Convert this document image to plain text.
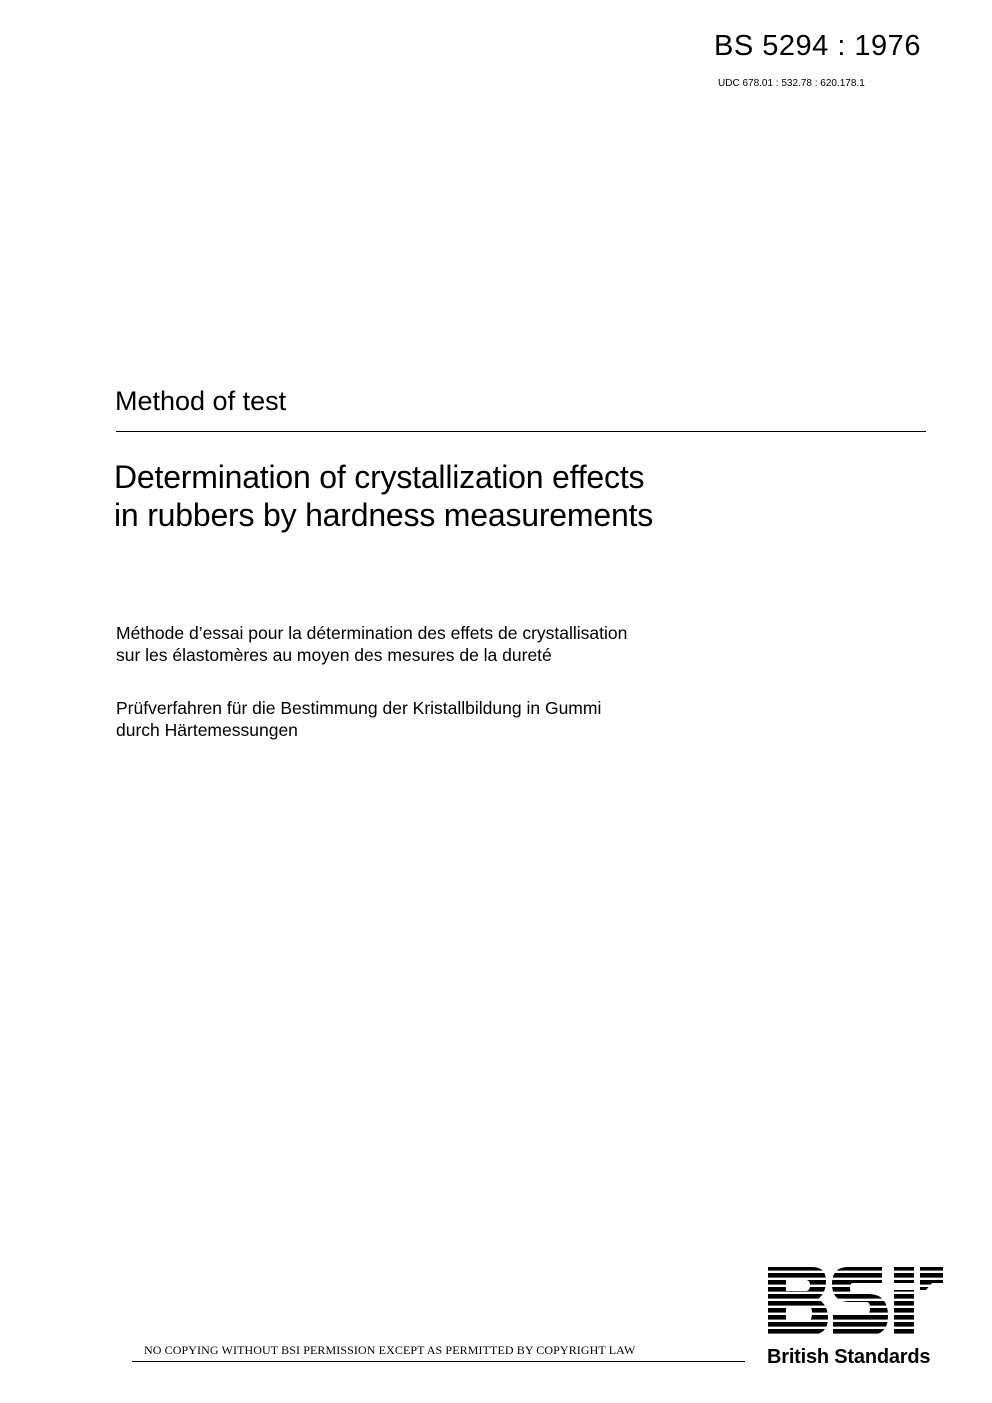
BS 5294 : 1976
UDC 678.01 : 532.78 : 620.178.1
Method of test
Determination of crystallization effects
in rubbers by hardness measurements
Méthode d’essai pour la détermination des effets de crystallisation
sur les élastomères au moyen des mesures de la dureté
Prüfverfahren für die Bestimmung der Kristallbildung in Gummi
durch Härtemessungen
NO COPYING WITHOUT BSI PERMISSION EXCEPT AS PERMITTED BY COPYRIGHT LAW	British Standards
